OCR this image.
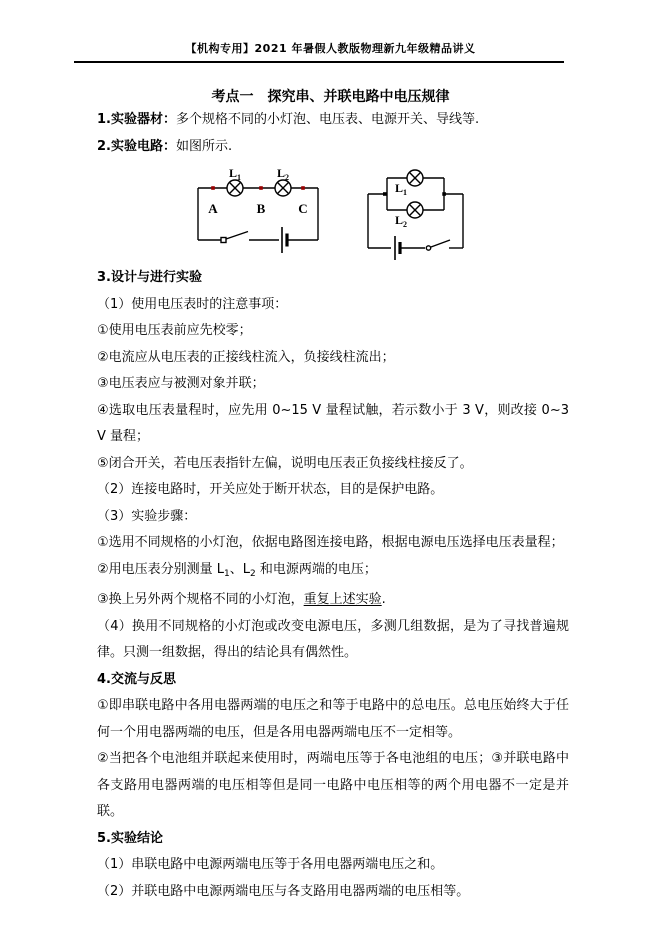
【机构专用】2021 年暑假人教版物理新九年级精品讲义
考点一　探究串、并联电路中电压规律

1.实验器材：多个规格不同的小灯泡、电压表、电源开关、导线等.

2.实验电路：如图所示.

$L_1$	$L_2$
A	B	C
$L_1$
$L_2$

3.设计与进行实验

（1）使用电压表时的注意事项：

①使用电压表前应先校零；

②电流应从电压表的正接线柱流入，负接线柱流出；

③电压表应与被测对象并联；

④选取电压表量程时，应先用 0~15 V 量程试触，若示数小于 3 V，则改接 0~3 V 量程；

⑤闭合开关，若电压表指针左偏，说明电压表正负接线柱接反了。

（2）连接电路时，开关应处于断开状态，目的是保护电路。

（3）实验步骤：

①选用不同规格的小灯泡，依据电路图连接电路，根据电源电压选择电压表量程；

②用电压表分别测量 $L_1$、$L_2$ 和电源两端的电压；

③换上另外两个规格不同的小灯泡，重复上述实验.

（4）换用不同规格的小灯泡或改变电源电压，多测几组数据，是为了寻找普遍规律。只测一组数据，得出的结论具有偶然性。

4.交流与反思

①即串联电路中各用电器两端的电压之和等于电路中的总电压。总电压始终大于任何一个用电器两端的电压，但是各用电器两端电压不一定相等。

②当把各个电池组并联起来使用时，两端电压等于各电池组的电压；③并联电路中各支路用电器两端的电压相等但是同一电路中电压相等的两个用电器不一定是并联。

5.实验结论

（1）串联电路中电源两端电压等于各用电器两端电压之和。

（2）并联电路中电源两端电压与各支路用电器两端的电压相等。
